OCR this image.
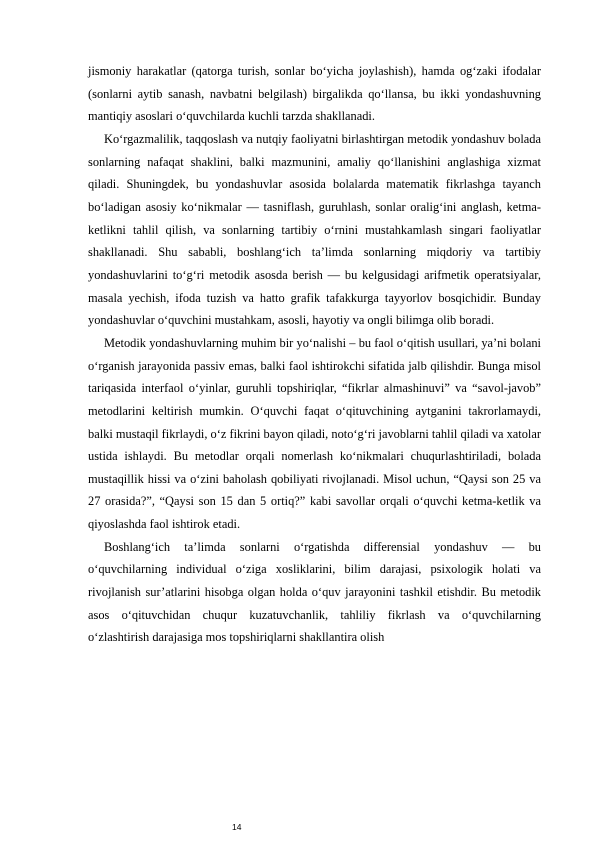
jismoniy harakatlar (qatorga turish, sonlar bo‘yicha joylashish), hamda og‘zaki ifodalar (sonlarni aytib sanash, navbatni belgilash) birgalikda qo‘llansa, bu ikki yondashuvning mantiqiy asoslari o‘quvchilarda kuchli tarzda shakllanadi.

Ko‘rgazmalilik, taqqoslash va nutqiy faoliyatni birlashtirgan metodik yondashuv bolada sonlarning nafaqat shaklini, balki mazmunini, amaliy qo‘llanishini anglashiga xizmat qiladi. Shuningdek, bu yondashuvlar asosida bolalarda matematik fikrlashga tayanch bo‘ladigan asosiy ko‘nikmalar — tasniflash, guruhlash, sonlar oralig‘ini anglash, ketma-ketlikni tahlil qilish, va sonlarning tartibiy o‘rnini mustahkamlash singari faoliyatlar shakllanadi. Shu sababli, boshlang‘ich ta’limda sonlarning miqdoriy va tartibiy yondashuvlarini to‘g‘ri metodik asosda berish — bu kelgusidagi arifmetik operatsiyalar, masala yechish, ifoda tuzish va hatto grafik tafakkurga tayyorlov bosqichidir. Bunday yondashuvlar o‘quvchini mustahkam, asosli, hayotiy va ongli bilimga olib boradi.

Metodik yondashuvlarning muhim bir yo‘nalishi – bu faol o‘qitish usullari, ya’ni bolani o‘rganish jarayonida passiv emas, balki faol ishtirokchi sifatida jalb qilishdir. Bunga misol tariqasida interfaol o‘yinlar, guruhli topshiriqlar, “fikrlar almashinuvi” va “savol-javob” metodlarini keltirish mumkin. O‘quvchi faqat o‘qituvchining aytganini takrorlamaydi, balki mustaqil fikrlaydi, o‘z fikrini bayon qiladi, noto‘g‘ri javoblarni tahlil qiladi va xatolar ustida ishlaydi. Bu metodlar orqali nomerlash ko‘nikmalari chuqurlashtiriladi, bolada mustaqillik hissi va o‘zini baholash qobiliyati rivojlanadi. Misol uchun, “Qaysi son 25 va 27 orasida?”, “Qaysi son 15 dan 5 ortiq?” kabi savollar orqali o‘quvchi ketma-ketlik va qiyoslashda faol ishtirok etadi.

Boshlang‘ich ta’limda sonlarni o‘rgatishda differensial yondashuv — bu o‘quvchilarning individual o‘ziga xosliklarini, bilim darajasi, psixologik holati va rivojlanish sur’atlarini hisobga olgan holda o‘quv jarayonini tashkil etishdir. Bu metodik asos o‘qituvchidan chuqur kuzatuvchanlik, tahliliy fikrlash va o‘quvchilarning o‘zlashtirish darajasiga mos topshiriqlarni shakllantira olish

14
